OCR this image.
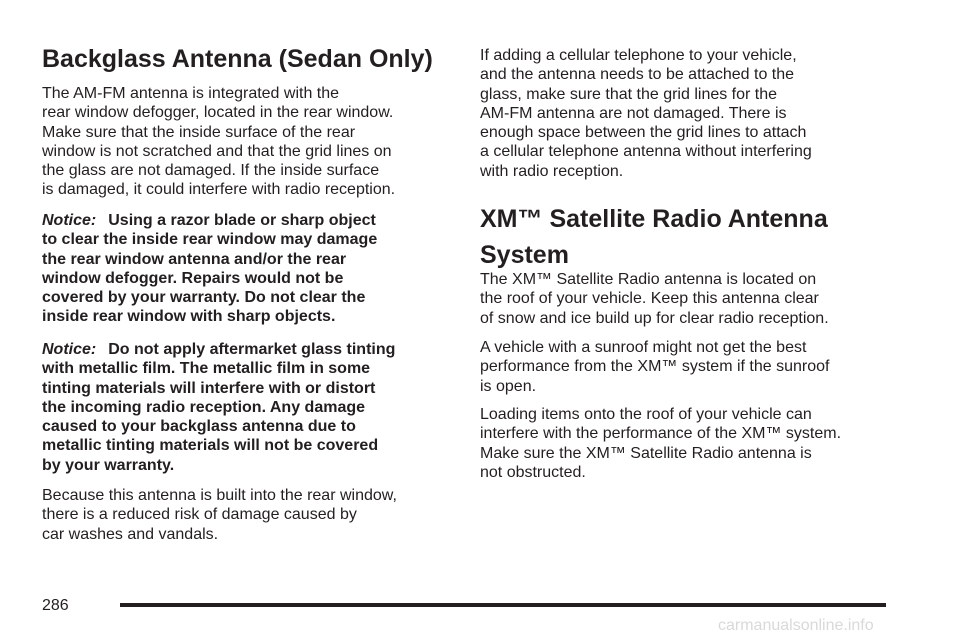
Backglass Antenna (Sedan Only)

The AM-FM antenna is integrated with the
rear window defogger, located in the rear window.
Make sure that the inside surface of the rear
window is not scratched and that the grid lines on
the glass are not damaged. If the inside surface
is damaged, it could interfere with radio reception.

Notice: Using a razor blade or sharp object
to clear the inside rear window may damage
the rear window antenna and/or the rear
window defogger. Repairs would not be
covered by your warranty. Do not clear the
inside rear window with sharp objects.

Notice: Do not apply aftermarket glass tinting
with metallic film. The metallic film in some
tinting materials will interfere with or distort
the incoming radio reception. Any damage
caused to your backglass antenna due to
metallic tinting materials will not be covered
by your warranty.

Because this antenna is built into the rear window,
there is a reduced risk of damage caused by
car washes and vandals.

If adding a cellular telephone to your vehicle,
and the antenna needs to be attached to the
glass, make sure that the grid lines for the
AM-FM antenna are not damaged. There is
enough space between the grid lines to attach
a cellular telephone antenna without interfering
with radio reception.

XM™ Satellite Radio Antenna
System

The XM™ Satellite Radio antenna is located on
the roof of your vehicle. Keep this antenna clear
of snow and ice build up for clear radio reception.

A vehicle with a sunroof might not get the best
performance from the XM™ system if the sunroof
is open.

Loading items onto the roof of your vehicle can
interfere with the performance of the XM™ system.
Make sure the XM™ Satellite Radio antenna is
not obstructed.

286
carmanualsonline.info
